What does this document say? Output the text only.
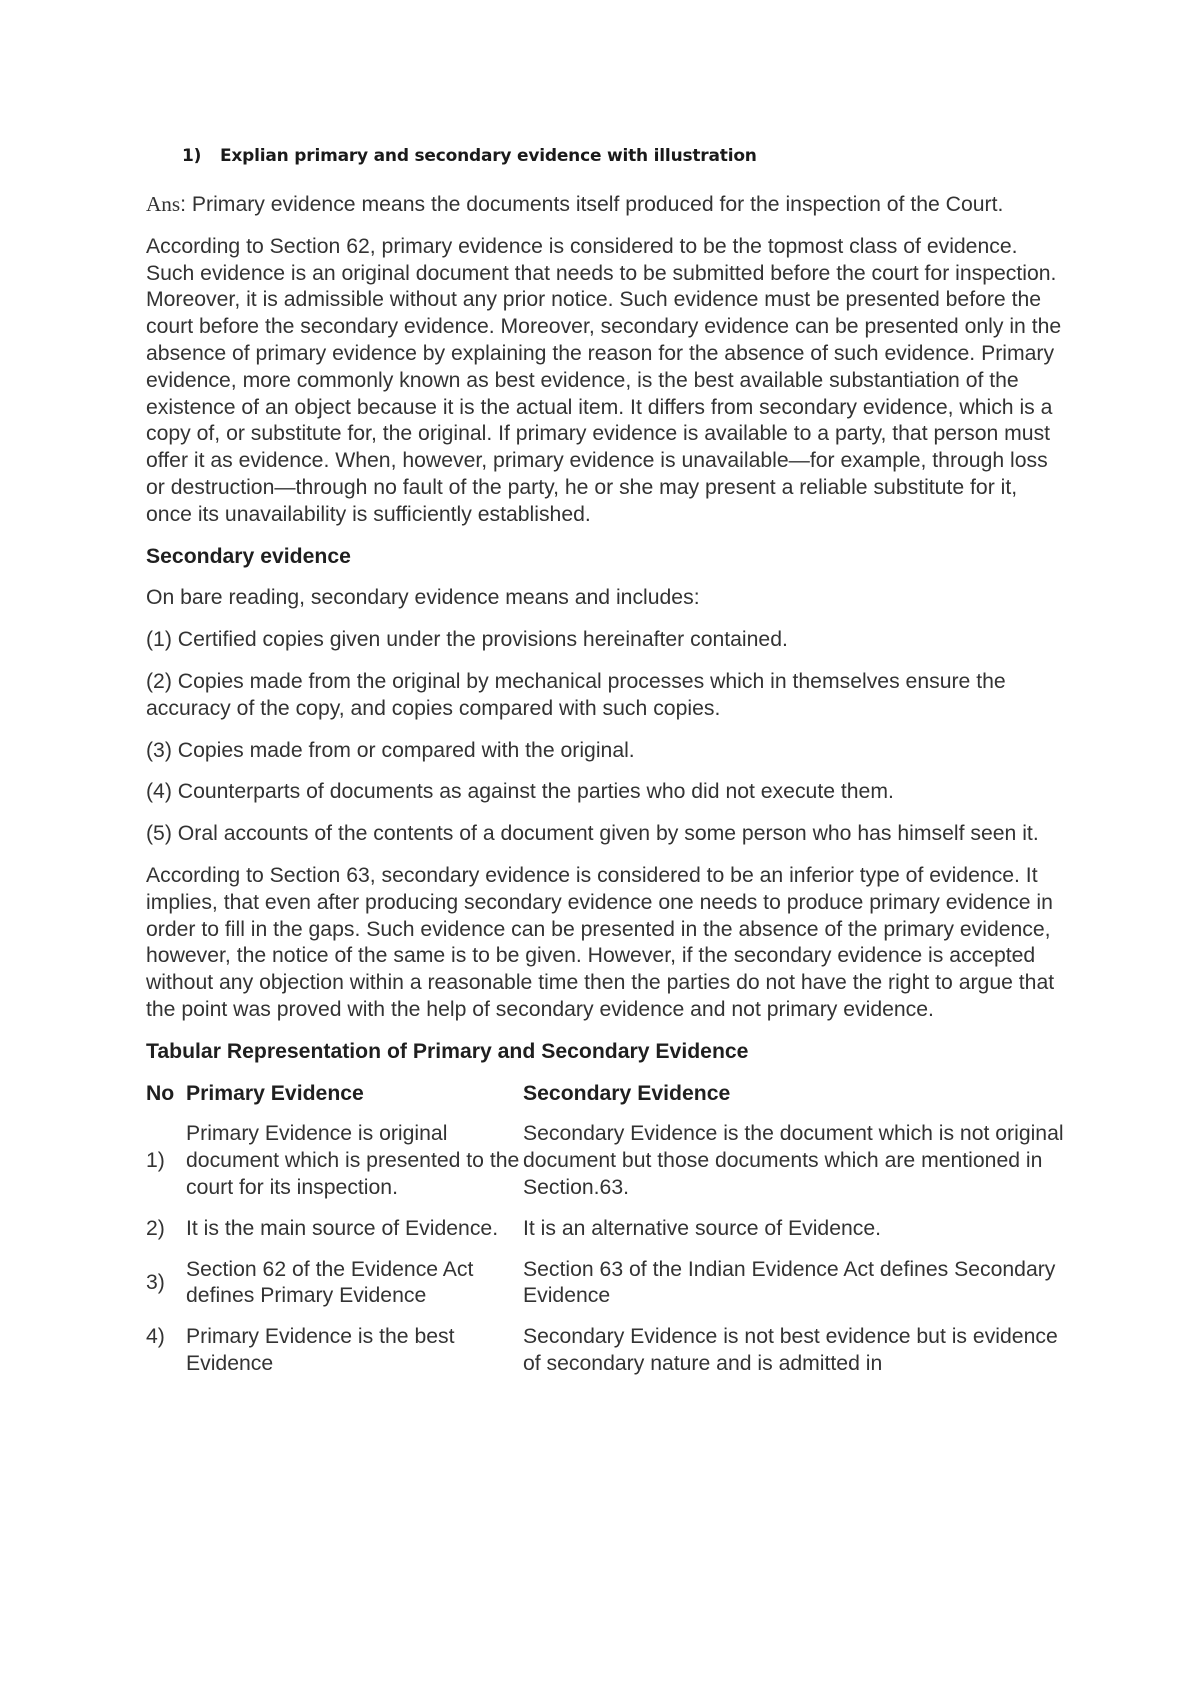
1) Explian primary and secondary evidence with illustration

Ans: Primary evidence means the documents itself produced for the inspection of the Court.

According to Section 62, primary evidence is considered to be the topmost class of evidence. Such evidence is an original document that needs to be submitted before the court for inspection. Moreover, it is admissible without any prior notice. Such evidence must be presented before the court before the secondary evidence. Moreover, secondary evidence can be presented only in the absence of primary evidence by explaining the reason for the absence of such evidence. Primary evidence, more commonly known as best evidence, is the best available substantiation of the existence of an object because it is the actual item. It differs from secondary evidence, which is a copy of, or substitute for, the original. If primary evidence is available to a party, that person must offer it as evidence. When, however, primary evidence is unavailable—for example, through loss or destruction—through no fault of the party, he or she may present a reliable substitute for it, once its unavailability is sufficiently established.

Secondary evidence

On bare reading, secondary evidence means and includes:

(1) Certified copies given under the provisions hereinafter contained.

(2) Copies made from the original by mechanical processes which in themselves ensure the accuracy of the copy, and copies compared with such copies.

(3) Copies made from or compared with the original.

(4) Counterparts of documents as against the parties who did not execute them.

(5) Oral accounts of the contents of a document given by some person who has himself seen it.

According to Section 63, secondary evidence is considered to be an inferior type of evidence. It implies, that even after producing secondary evidence one needs to produce primary evidence in order to fill in the gaps. Such evidence can be presented in the absence of the primary evidence, however, the notice of the same is to be given. However, if the secondary evidence is accepted without any objection within a reasonable time then the parties do not have the right to argue that the point was proved with the help of secondary evidence and not primary evidence.

Tabular Representation of Primary and Secondary Evidence

No	Primary Evidence	Secondary Evidence
1)	Primary Evidence is original document which is presented to the court for its inspection.	Secondary Evidence is the document which is not original document but those documents which are mentioned in Section.63.
2)	It is the main source of Evidence.	It is an alternative source of Evidence.
3)	Section 62 of the Evidence Act defines Primary Evidence	Section 63 of the Indian Evidence Act defines Secondary Evidence
4)	Primary Evidence is the best Evidence	Secondary Evidence is not best evidence but is evidence of secondary nature and is admitted in
